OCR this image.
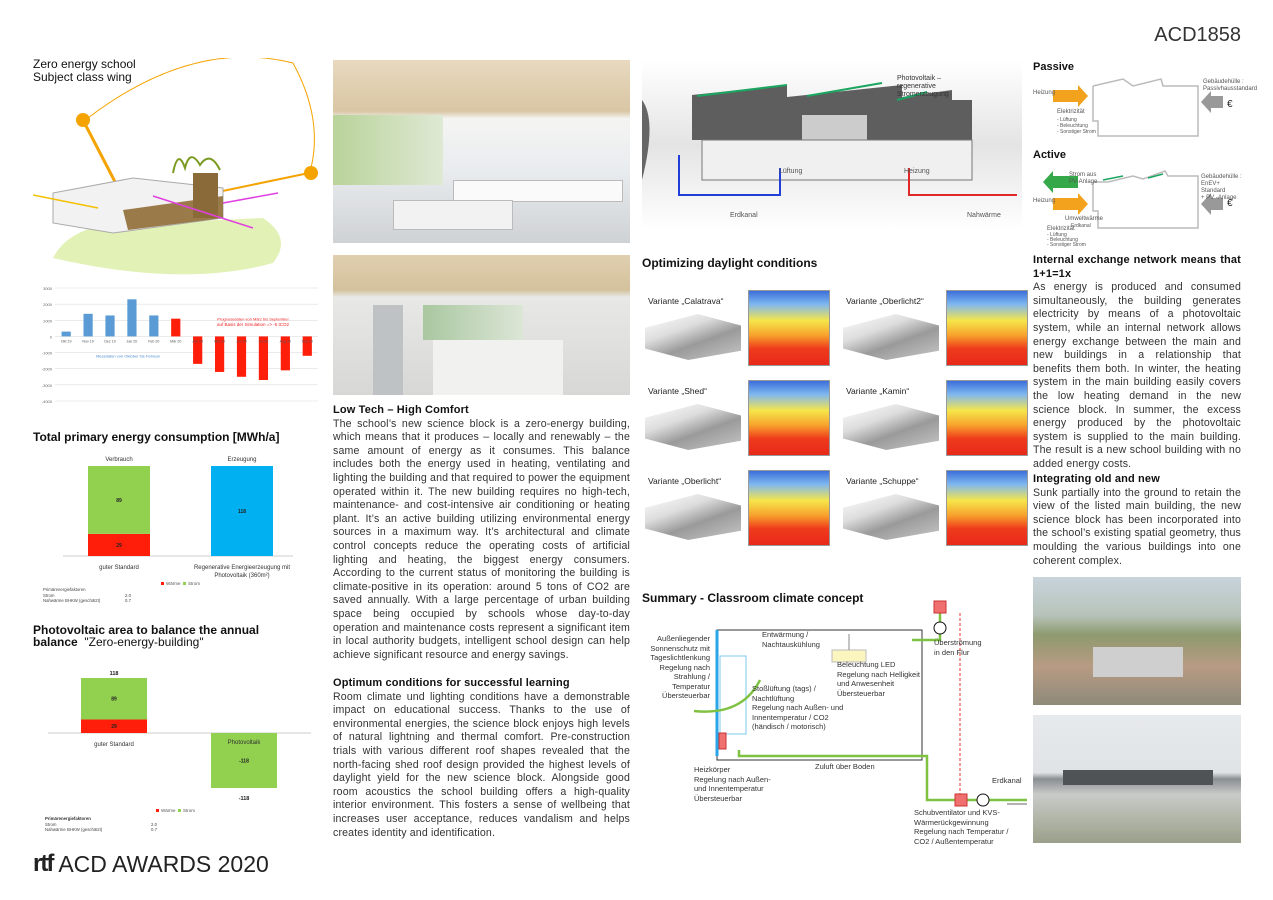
ACD1858
Zero energy school
Subject class wing
3000
2000
1000
0
-1000
-2000
-3000
-4000
Okt 19	Nov 19	Dez 19	Jan 20	Feb 20	Mär 20	Apr 20	Mai 20	Jun 20	Jul 20	Aug 20	Sep 20
Messdaten von Oktober bis Februar
Prognosedaten von März bis September
auf Basis der Simulation => -5 tCO2
Total primary energy consumption [MWh/a]
Verbrauch	Erzeugung
29
89
118
guter Standard	Regenerative Energieerzeugung mit
Photovoltaik (360m²)
Wärme Strom
Primärenergiefaktoren
Strom	2.0
Nahwärme BHKW (geschätzt)	0.7
Photovoltaic area to balance the annual
balance "Zero-energy-building"
29
89
-118
118
-118
guter Standard	Photovoltaik
Wärme Strom
Primärenergiefaktoren
Strom	2.0
Nahwärme BHKW (geschätzt)	0.7
rtf ACD AWARDS 2020
Low Tech – High Comfort
The school’s new science block is a zero-energy building, which means that it produces – locally and renewably – the same amount of energy as it consumes. This balance includes both the energy used in heating, ventilating and lighting the building and that required to power the equipment operated within it. The new building requires no high-tech, maintenance- and cost-intensive air conditioning or heating plant. It’s an active building utilizing environmental energy sources in a maximum way. It’s architectural and climate control concepts reduce the operating costs of artificial lighting and heating, the biggest energy consumers. According to the current status of monitoring the building is climate-positive in its operation: around 5 tons of CO2 are saved annually. With a large percentage of urban building space being occupied by schools whose day-to-day operation and maintenance costs represent a significant item in local authority budgets, intelligent school design can help achieve significant resource and energy savings.
Optimum conditions for successful learning
Room climate und lighting conditions have a demonstrable impact on educational success. Thanks to the use of environmental energies, the science block enjoys high levels of natural lightning and thermal comfort. Pre-construction trials with various different roof shapes revealed that the north-facing shed roof design provided the highest levels of daylight yield for the new science block. Alongside good room acoustics the school building offers a high-quality interior environment. This fosters a sense of wellbeing that increases user acceptance, reduces vandalism and helps creates identity and identification.
Photovoltaik –
regenerative
Stromerzeugung
Lüftung	Heizung
Erdkanal	Nahwärme
Optimizing daylight conditions
Variante „Calatrava“	Variante „Oberlicht2“
Variante „Shed“	Variante „Kamin“
Variante „Oberlicht“	Variante „Schuppe“
Summary - Classroom climate concept
Außenliegender
Sonnenschutz mit
Tageslichtlenkung
Regelung nach
Strahlung /
Temperatur
Übersteuerbar
Entwärmung /
Nachtauskühlung
Beleuchtung LED
Regelung nach Helligkeit
und Anwesenheit
Übersteuerbar
Stoßlüftung (tags) /
Nachtlüftung
Regelung nach Außen- und
Innentemperatur / CO2
(händisch / motorisch)
Überströmung
in den Flur
Heizkörper
Regelung nach Außen-
und Innentemperatur
Übersteuerbar
Zuluft über Boden
Erdkanal
Schubventilator und KVS-
Wärmerückgewinnung
Regelung nach Temperatur /
CO2 / Außentemperatur
Passive
Heizung
Elektrizität
- Lüftung
- Beleuchtung
- Sonstiger Strom
Gebäudehülle :
Passivhausstandard
€
Active
Strom aus
PV-Anlage
Heizung
Umweltwärme
Erdkanal
Elektrizität
- Lüftung
- Beleuchtung
- Sonstiger Strom
Gebäudehülle :
EnEV+ Standard
+ PV -Anlage
€
Internal exchange network means that 1+1=1x
As energy is produced and consumed simultaneously, the building generates electricity by means of a photovoltaic system, while an internal network allows energy exchange between the main and new buildings in a relationship that benefits them both. In winter, the heating system in the main building easily covers the low heating demand in the new science block. In summer, the excess energy produced by the photovoltaic system is supplied to the main building. The result is a new school building with no added energy costs.
Integrating old and new
Sunk partially into the ground to retain the view of the listed main building, the new science block has been incorporated into the school’s existing spatial geometry, thus moulding the various buildings into one coherent complex.
